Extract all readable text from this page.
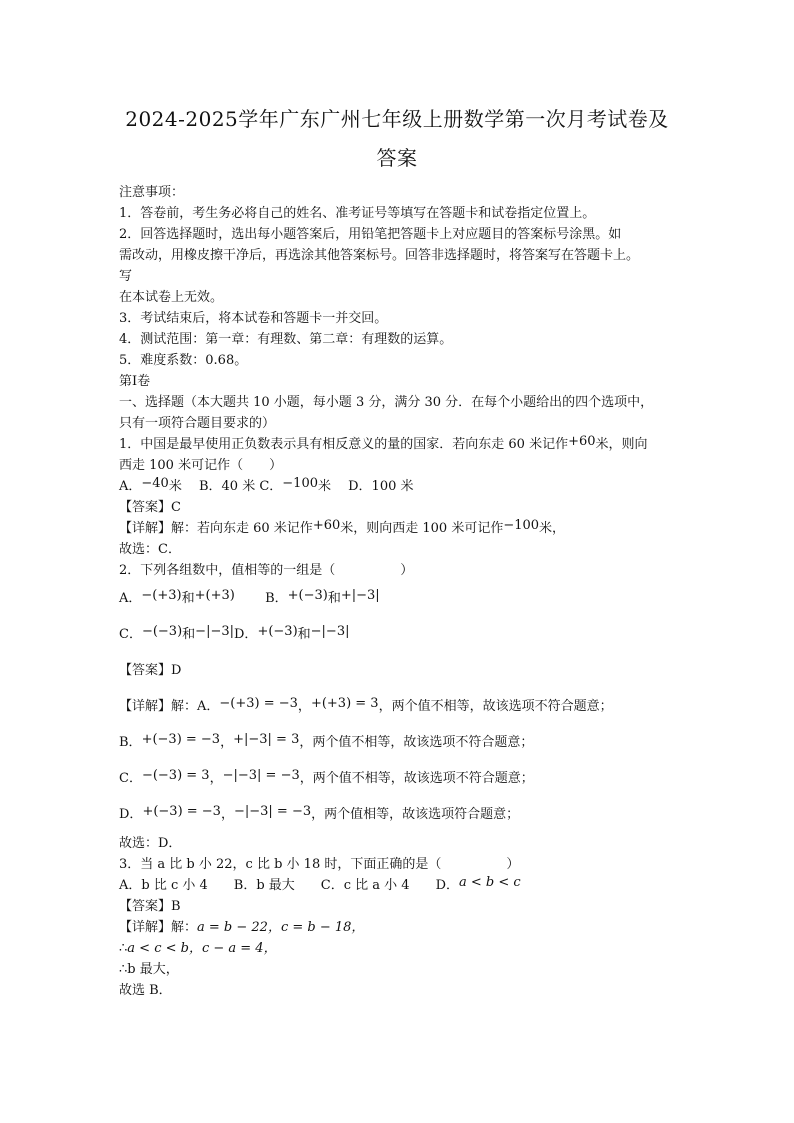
2024-2025学年广东广州七年级上册数学第一次月考试卷及
答案
注意事项：
1．答卷前，考生务必将自己的姓名、准考证号等填写在答题卡和试卷指定位置上。
2．回答选择题时，选出每小题答案后，用铅笔把答题卡上对应题目的答案标号涂黑。如
需改动，用橡皮擦干净后，再选涂其他答案标号。回答非选择题时，将答案写在答题卡上。
写
在本试卷上无效。
3．考试结束后，将本试卷和答题卡一并交回。
4．测试范围：第一章：有理数、第二章：有理数的运算。
5．难度系数：0.68。
第Ⅰ卷
一、选择题（本大题共 10 小题，每小题 3 分，满分 30 分．在每个小题给出的四个选项中，
只有一项符合题目要求的）
1．中国是最早使用正负数表示具有相反意义的量的国家．若向东走 60 米记作+60米，则向
西走 100 米可记作（　　）
A．−40米　 B．40 米 C．−100米　 D．100 米
【答案】C
【详解】解：若向东走 60 米记作+60米，则向西走 100 米可记作−100米，
故选：C．
2．下列各组数中，值相等的一组是（　　　　　）
A．−(+3)和+(+3) B．+(−3)和+|−3|
C．−(−3)和−|−3|D．+(−3)和−|−3|
【答案】D
【详解】解：A．−(+3) = −3，+(+3) = 3，两个值不相等，故该选项不符合题意；
B．+(−3) = −3，+|−3| = 3，两个值不相等，故该选项不符合题意；
C．−(−3) = 3，−|−3| = −3，两个值不相等，故该选项不符合题意；
D．+(−3) = −3，−|−3| = −3，两个值相等，故该选项符合题意；
故选：D．
3．当 a 比 b 小 22，c 比 b 小 18 时，下面正确的是（　　　　　）
A．b 比 c 小 4　　B．b 最大　　C．c 比 a 小 4　　D．a < b < c
【答案】B
【详解】解：a = b − 22，c = b − 18，
∴a < c < b，c − a = 4，
∴b 最大，
故选 B．
